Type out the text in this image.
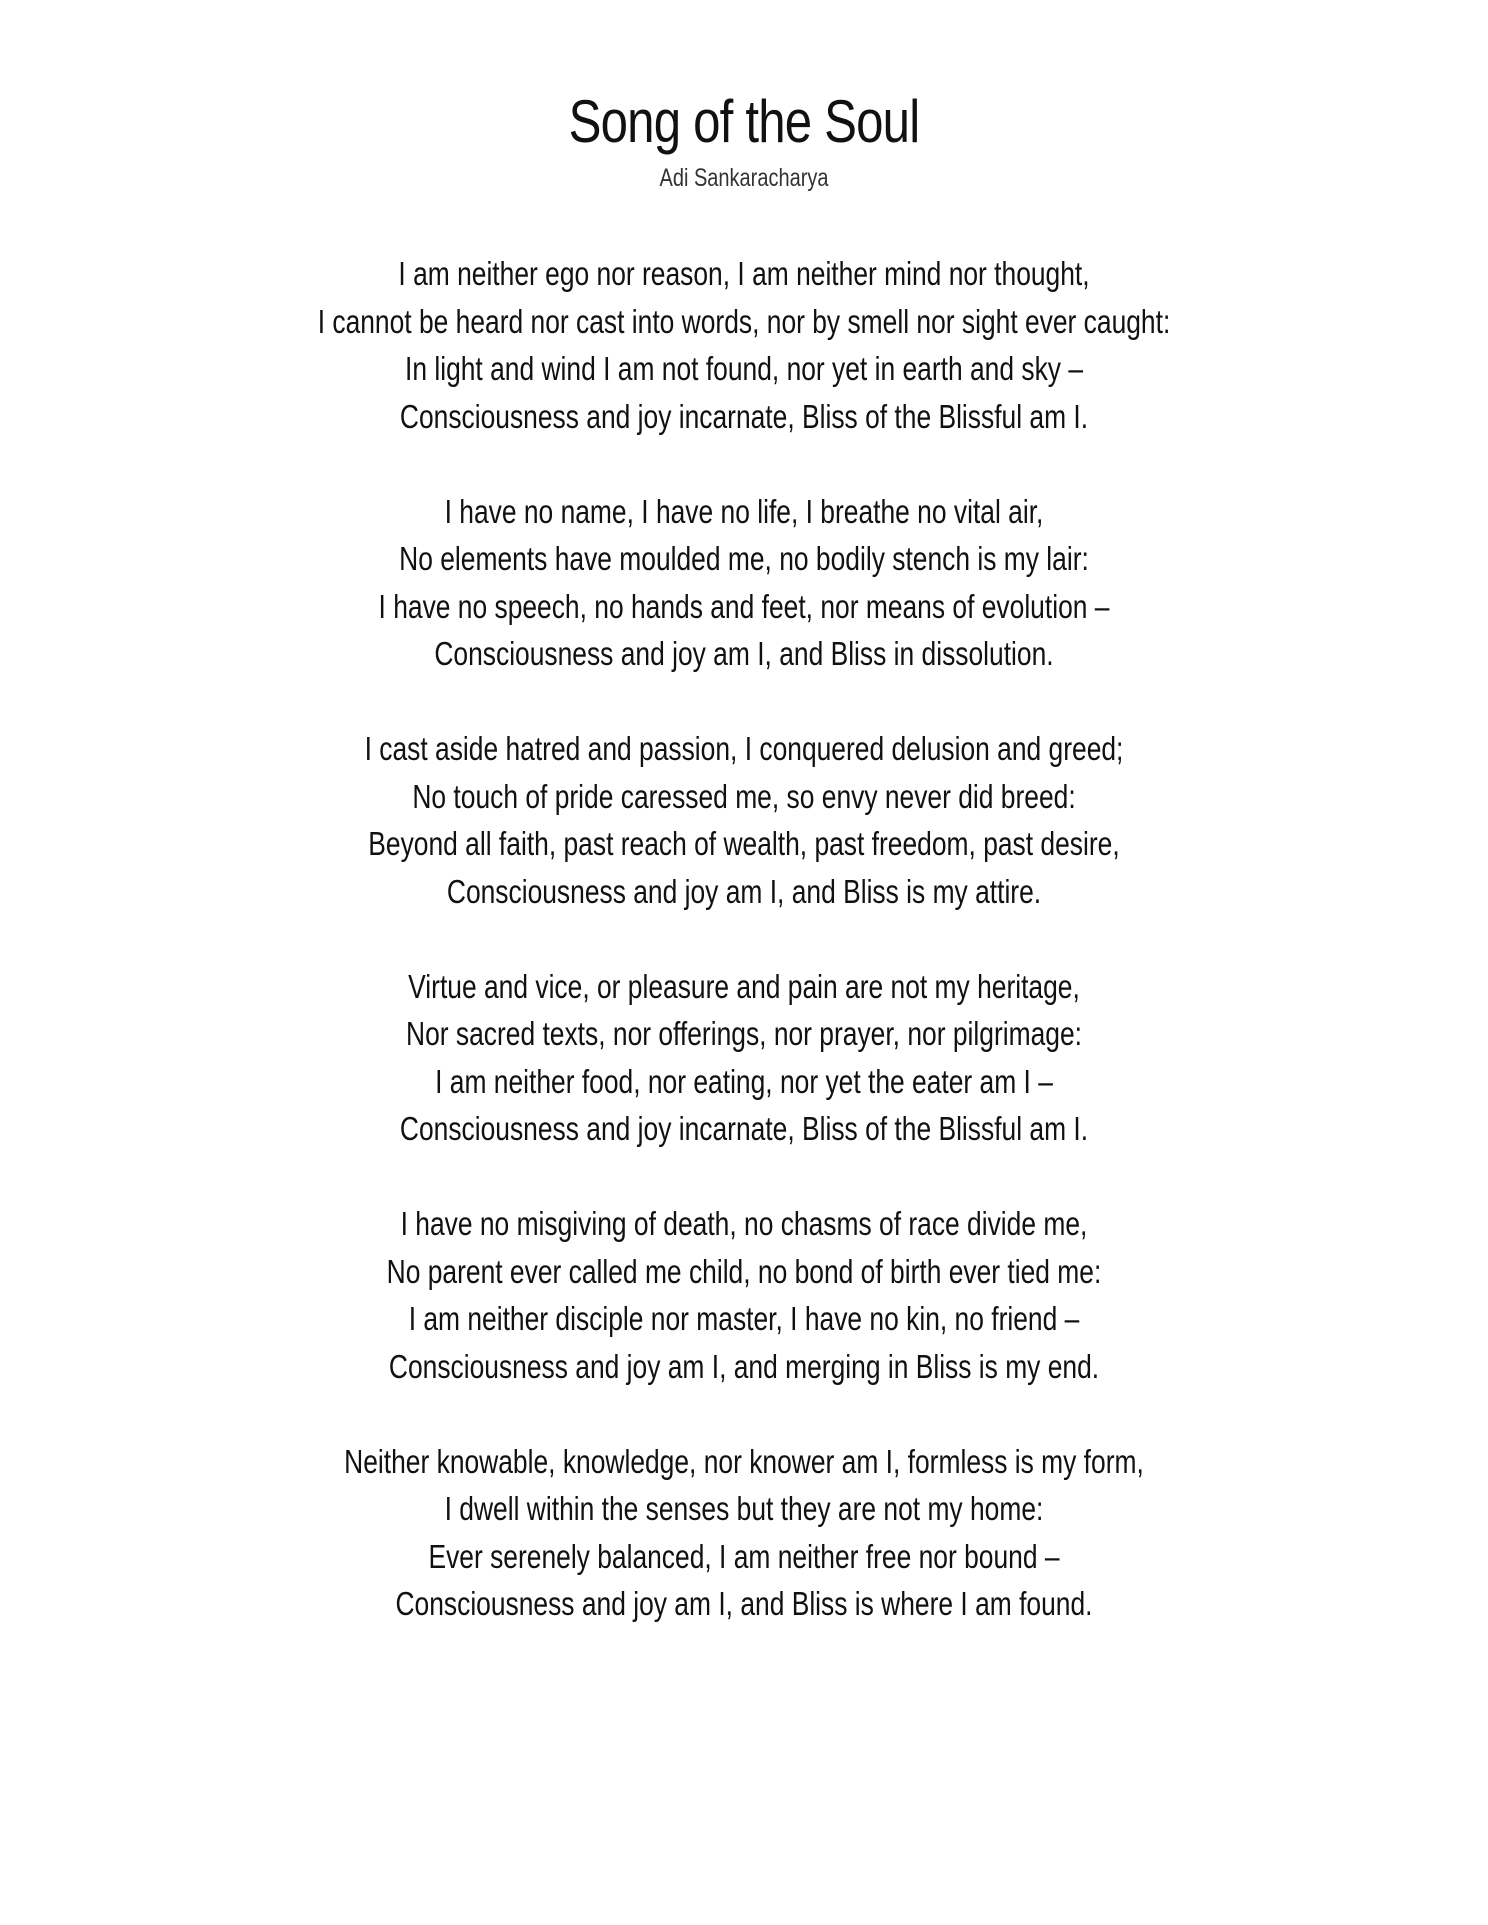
Song of the Soul

Adi Sankaracharya

I am neither ego nor reason, I am neither mind nor thought,
I cannot be heard nor cast into words, nor by smell nor sight ever caught:
In light and wind I am not found, nor yet in earth and sky –
Consciousness and joy incarnate, Bliss of the Blissful am I.
I have no name, I have no life, I breathe no vital air,
No elements have moulded me, no bodily stench is my lair:
I have no speech, no hands and feet, nor means of evolution –
Consciousness and joy am I, and Bliss in dissolution.
I cast aside hatred and passion, I conquered delusion and greed;
No touch of pride caressed me, so envy never did breed:
Beyond all faith, past reach of wealth, past freedom, past desire,
Consciousness and joy am I, and Bliss is my attire.
Virtue and vice, or pleasure and pain are not my heritage,
Nor sacred texts, nor offerings, nor prayer, nor pilgrimage:
I am neither food, nor eating, nor yet the eater am I –
Consciousness and joy incarnate, Bliss of the Blissful am I.
I have no misgiving of death, no chasms of race divide me,
No parent ever called me child, no bond of birth ever tied me:
I am neither disciple nor master, I have no kin, no friend –
Consciousness and joy am I, and merging in Bliss is my end.
Neither knowable, knowledge, nor knower am I, formless is my form,
I dwell within the senses but they are not my home:
Ever serenely balanced, I am neither free nor bound –
Consciousness and joy am I, and Bliss is where I am found.
